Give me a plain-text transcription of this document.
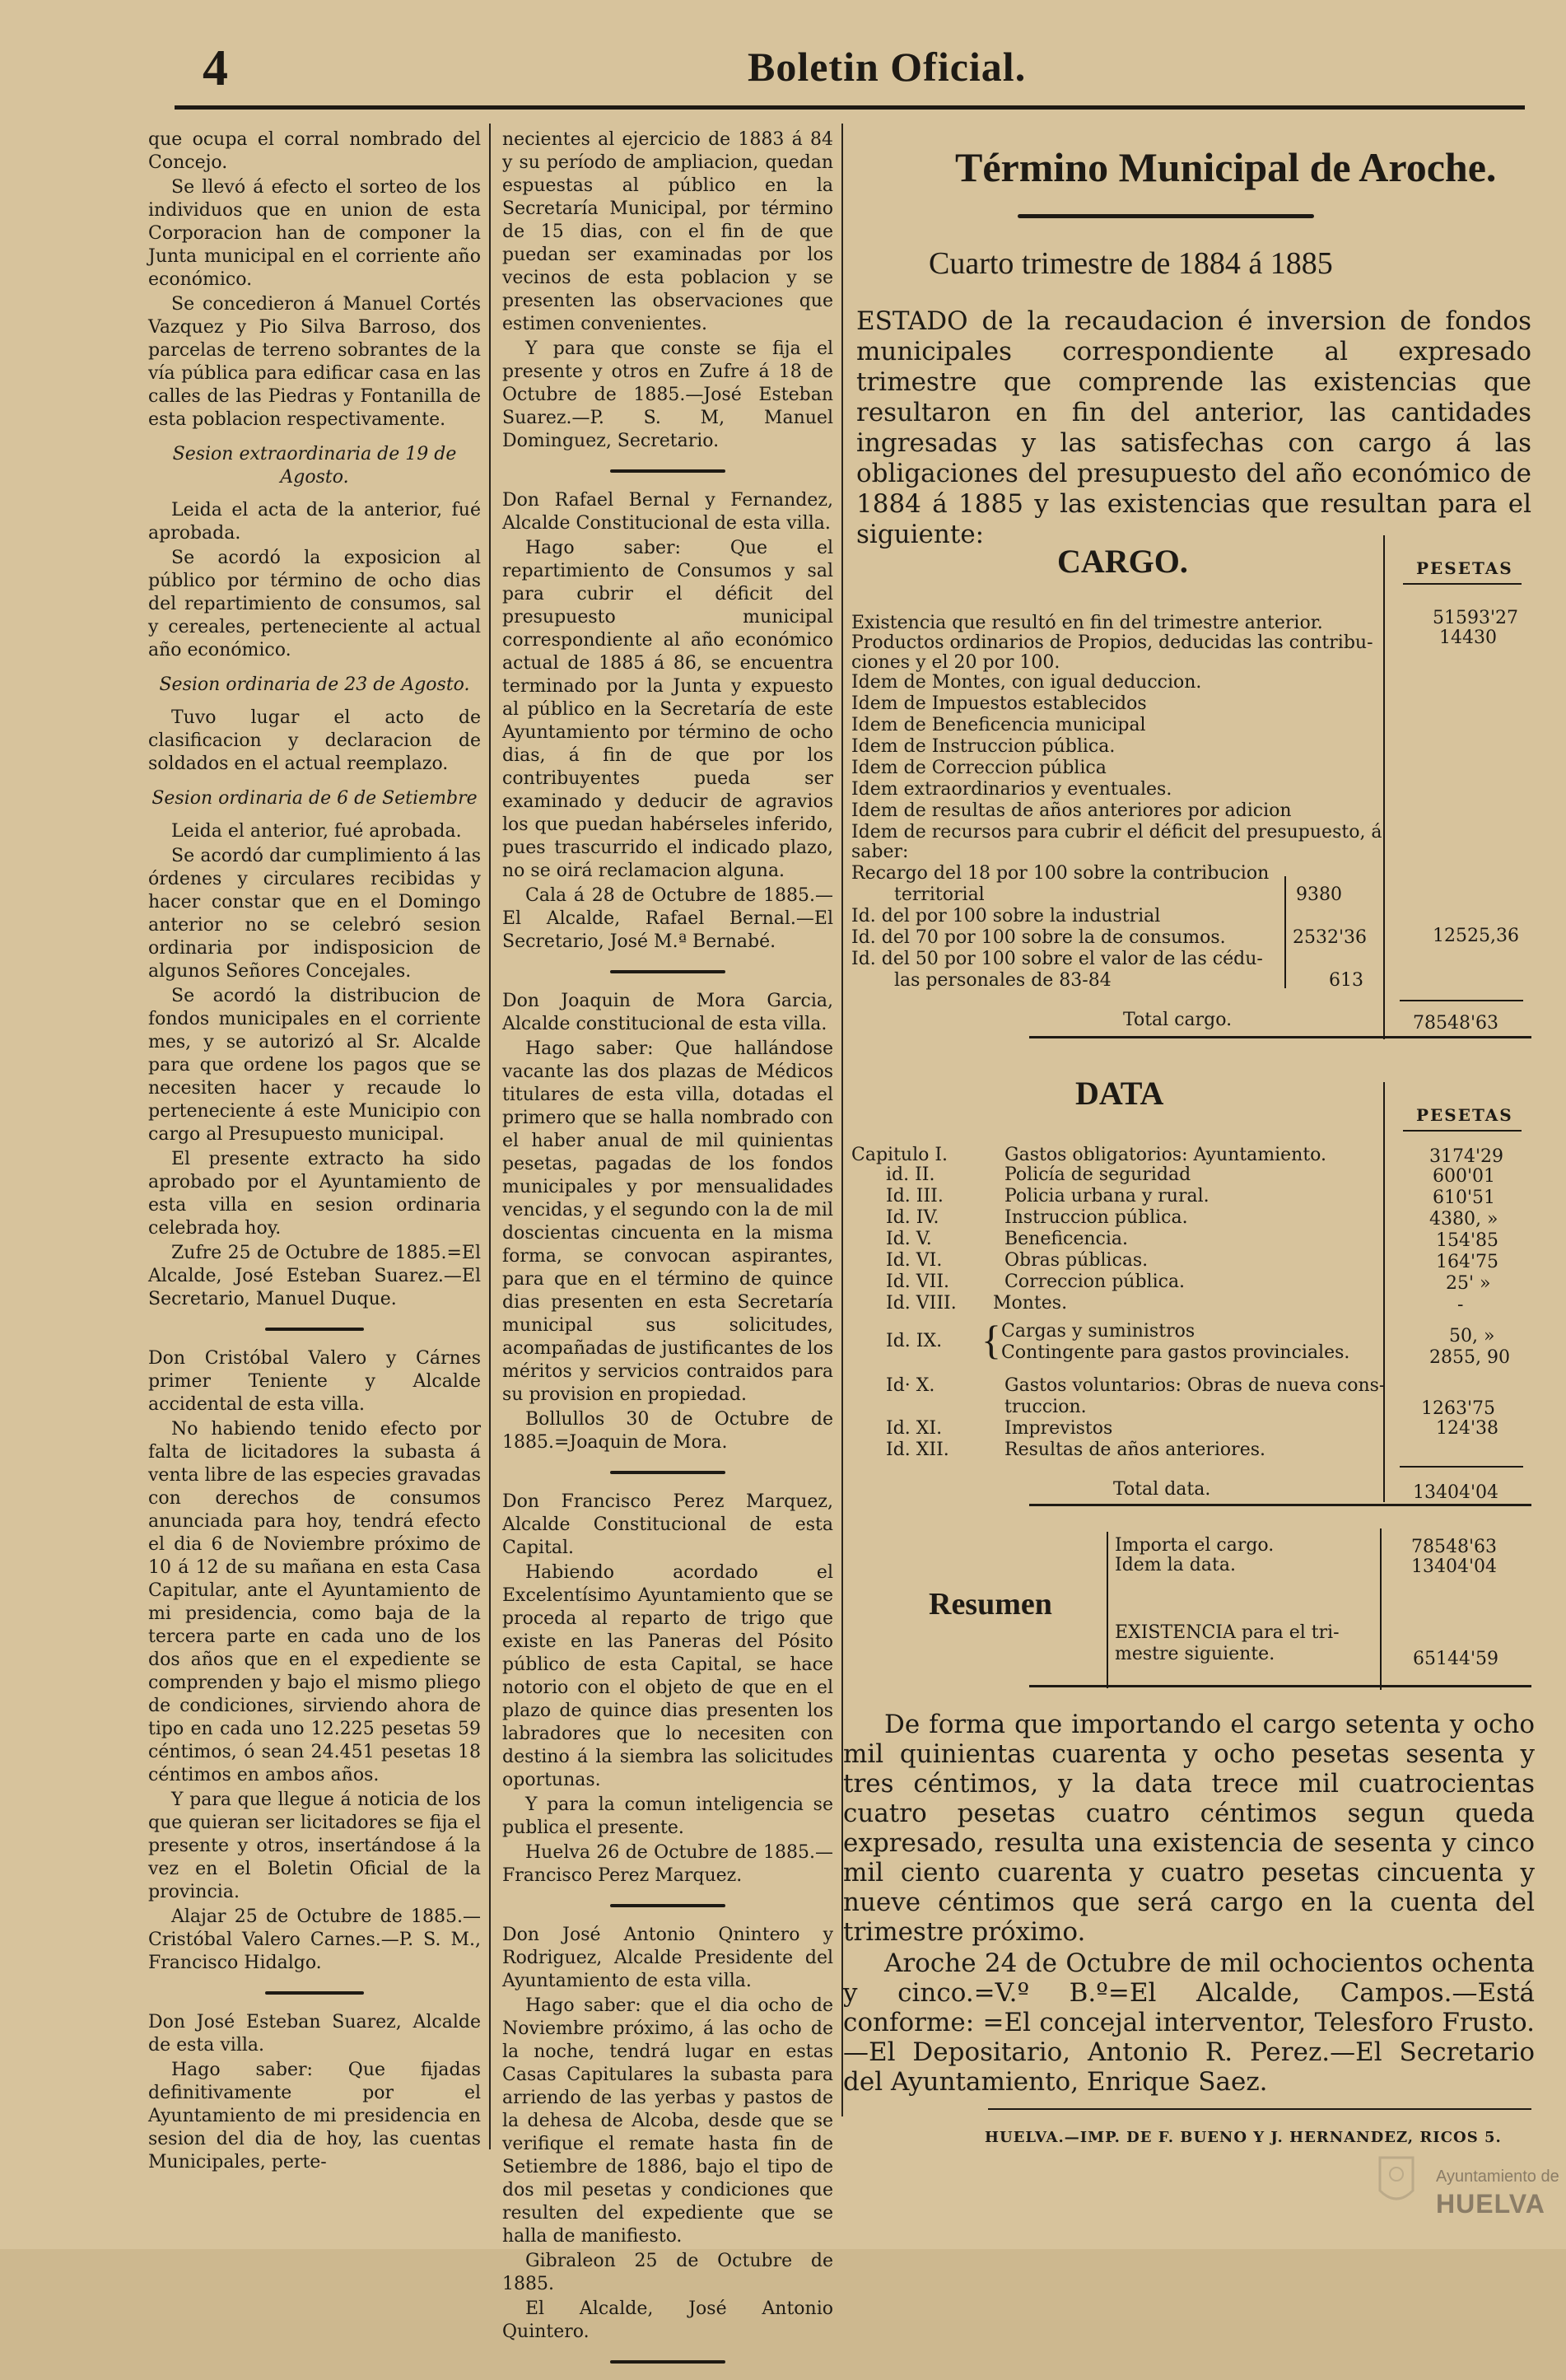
4	Boletin Oficial.

que ocupa el corral nombrado del Concejo.

Se llevó á efecto el sorteo de los individuos que en union de esta Corporacion han de componer la Junta municipal en el corriente año económico.

Se concedieron á Manuel Cortés Vazquez y Pio Silva Barroso, dos parcelas de terreno sobrantes de la vía pública para edificar casa en las calles de las Piedras y Fontanilla de esta poblacion respectivamente.

Sesion extraordinaria de 19 de Agosto.

Leida el acta de la anterior, fué aprobada.

Se acordó la exposicion al público por término de ocho dias del repartimiento de consumos, sal y cereales, perteneciente al actual año económico.

Sesion ordinaria de 23 de Agosto.

Tuvo lugar el acto de clasificacion y declaracion de soldados en el actual reemplazo.

Sesion ordinaria de 6 de Setiembre

Leida el anterior, fué aprobada.

Se acordó dar cumplimiento á las órdenes y circulares recibidas y hacer constar que en el Domingo anterior no se celebró sesion ordinaria por indisposicion de algunos Señores Concejales.

Se acordó la distribucion de fondos municipales en el corriente mes, y se autorizó al Sr. Alcalde para que ordene los pagos que se necesiten hacer y recaude lo perteneciente á este Municipio con cargo al Presupuesto municipal.

El presente extracto ha sido aprobado por el Ayuntamiento de esta villa en sesion ordinaria celebrada hoy.

Zufre 25 de Octubre de 1885.=El Alcalde, José Esteban Suarez.—El Secretario, Manuel Duque.

Don Cristóbal Valero y Cárnes primer Teniente y Alcalde accidental de esta villa.

No habiendo tenido efecto por falta de licitadores la subasta á venta libre de las especies gravadas con derechos de consumos anunciada para hoy, tendrá efecto el dia 6 de Noviembre próximo de 10 á 12 de su mañana en esta Casa Capitular, ante el Ayuntamiento de mi presidencia, como baja de la tercera parte en cada uno de los dos años que en el expediente se comprenden y bajo el mismo pliego de condiciones, sirviendo ahora de tipo en cada uno 12.225 pesetas 59 céntimos, ó sean 24.451 pesetas 18 céntimos en ambos años.

Y para que llegue á noticia de los que quieran ser licitadores se fija el presente y otros, insertándose á la vez en el Boletin Oficial de la provincia.

Alajar 25 de Octubre de 1885.—Cristóbal Valero Carnes.—P. S. M., Francisco Hidalgo.

Don José Esteban Suarez, Alcalde de esta villa.

Hago saber: Que fijadas definitivamente por el Ayuntamiento de mi presidencia en sesion del dia de hoy, las cuentas Municipales, perte-

necientes al ejercicio de 1883 á 84 y su período de ampliacion, quedan espuestas al público en la Secretaría Municipal, por término de 15 dias, con el fin de que puedan ser examinadas por los vecinos de esta poblacion y se presenten las observaciones que estimen convenientes.

Y para que conste se fija el presente y otros en Zufre á 18 de Octubre de 1885.—José Esteban Suarez.—P. S. M, Manuel Dominguez, Secretario.

Don Rafael Bernal y Fernandez, Alcalde Constitucional de esta villa.

Hago saber: Que el repartimiento de Consumos y sal para cubrir el déficit del presupuesto municipal correspondiente al año económico actual de 1885 á 86, se encuentra terminado por la Junta y expuesto al público en la Secretaría de este Ayuntamiento por término de ocho dias, á fin de que por los contribuyentes pueda ser examinado y deducir de agravios los que puedan habérseles inferido, pues trascurrido el indicado plazo, no se oirá reclamacion alguna.

Cala á 28 de Octubre de 1885.—El Alcalde, Rafael Bernal.—El Secretario, José M.ª Bernabé.

Don Joaquin de Mora Garcia, Alcalde constitucional de esta villa.

Hago saber: Que hallándose vacante las dos plazas de Médicos titulares de esta villa, dotadas el primero que se halla nombrado con el haber anual de mil quinientas pesetas, pagadas de los fondos municipales y por mensualidades vencidas, y el segundo con la de mil doscientas cincuenta en la misma forma, se convocan aspirantes, para que en el término de quince dias presenten en esta Secretaría municipal sus solicitudes, acompañadas de justificantes de los méritos y servicios contraidos para su provision en propiedad.

Bollullos 30 de Octubre de 1885.=Joaquin de Mora.

Don Francisco Perez Marquez, Alcalde Constitucional de esta Capital.

Habiendo acordado el Excelentísimo Ayuntamiento que se proceda al reparto de trigo que existe en las Paneras del Pósito público de esta Capital, se hace notorio con el objeto de que en el plazo de quince dias presenten los labradores que lo necesiten con destino á la siembra las solicitudes oportunas.

Y para la comun inteligencia se publica el presente.

Huelva 26 de Octubre de 1885.—Francisco Perez Marquez.

Don José Antonio Qnintero y Rodriguez, Alcalde Presidente del Ayuntamiento de esta villa.

Hago saber: que el dia ocho de Noviembre próximo, á las ocho de la noche, tendrá lugar en estas Casas Capitulares la subasta para arriendo de las yerbas y pastos de la dehesa de Alcoba, desde que se verifique el remate hasta fin de Setiembre de 1886, bajo el tipo de dos mil pesetas y condiciones que resulten del expediente que se halla de manifiesto.

Gibraleon 25 de Octubre de 1885.

El Alcalde, José Antonio Quintero.

Término Municipal de Aroche.
Cuarto trimestre de 1884 á 1885

ESTADO de la recaudacion é inversion de fondos municipales correspondiente al expresado trimestre que comprende las existencias que resultaron en fin del anterior, las cantidades ingresadas y las satisfechas con cargo á las obligaciones del presupuesto del año económico de 1884 á 1885 y las existencias que resultan para el siguiente:

CARGO.	PESETAS
Existencia que resultó en fin del trimestre anterior.	51593'27
Productos ordinarios de Propios, deducidas las contribu-	14430
ciones y el 20 por 100.
Idem de Montes, con igual deduccion.
Idem de Impuestos establecidos
Idem de Beneficencia municipal
Idem de Instruccion pública.
Idem de Correccion pública
Idem extraordinarios y eventuales.
Idem de resultas de años anteriores por adicion
Idem de recursos para cubrir el déficit del presupuesto, á
saber:
Recargo del 18 por 100 sobre la contribucion
territorial	9380
Id. del por 100 sobre la industrial
Id. del 70 por 100 sobre la de consumos.	2532'36	12525,36
Id. del 50 por 100 sobre el valor de las cédu-
las personales de 83-84	613
Total cargo.	78548'63
DATA
PESETAS
Capitulo I.	Gastos obligatorios: Ayuntamiento.	3174'29
id. II.	Policía de seguridad	600'01
Id. III.	Policia urbana y rural.	610'51
Id. IV.	Instruccion pública.	4380, »
Id. V.	Beneficencia.	154'85
Id. VI.	Obras públicas.	164'75
Id. VII.	Correccion pública.	25' »
Id. VIII. Montes.	-
Id. IX. { Cargas y suministros	50, »
Contingente para gastos provinciales.	2855, 90
Id· X.	Gastos voluntarios: Obras de nueva cons-
truccion.	1263'75
Id. XI.	Imprevistos	124'38
Id. XII.	Resultas de años anteriores.
Total data.	13404'04
Resumen
Importa el cargo.	78548'63
Idem la data.	13404'04
EXISTENCIA para el tri-
mestre siguiente.	65144'59

De forma que importando el cargo setenta y ocho mil quinientas cuarenta y ocho pesetas sesenta y tres céntimos, y la data trece mil cuatrocientas cuatro pesetas cuatro céntimos segun queda expresado, resulta una existencia de sesenta y cinco mil ciento cuarenta y cuatro pesetas cincuenta y nueve céntimos que será cargo en la cuenta del trimestre próximo.

Aroche 24 de Octubre de mil ochocientos ochenta y cinco.=V.º B.º=El Alcalde, Campos.—Está conforme: =El concejal interventor, Telesforo Frusto.—El Depositario, Antonio R. Perez.—El Secretario del Ayuntamiento, Enrique Saez.

HUELVA.—IMP. DE F. BUENO Y J. HERNANDEZ, RICOS 5.
Ayuntamiento de
HUELVA
